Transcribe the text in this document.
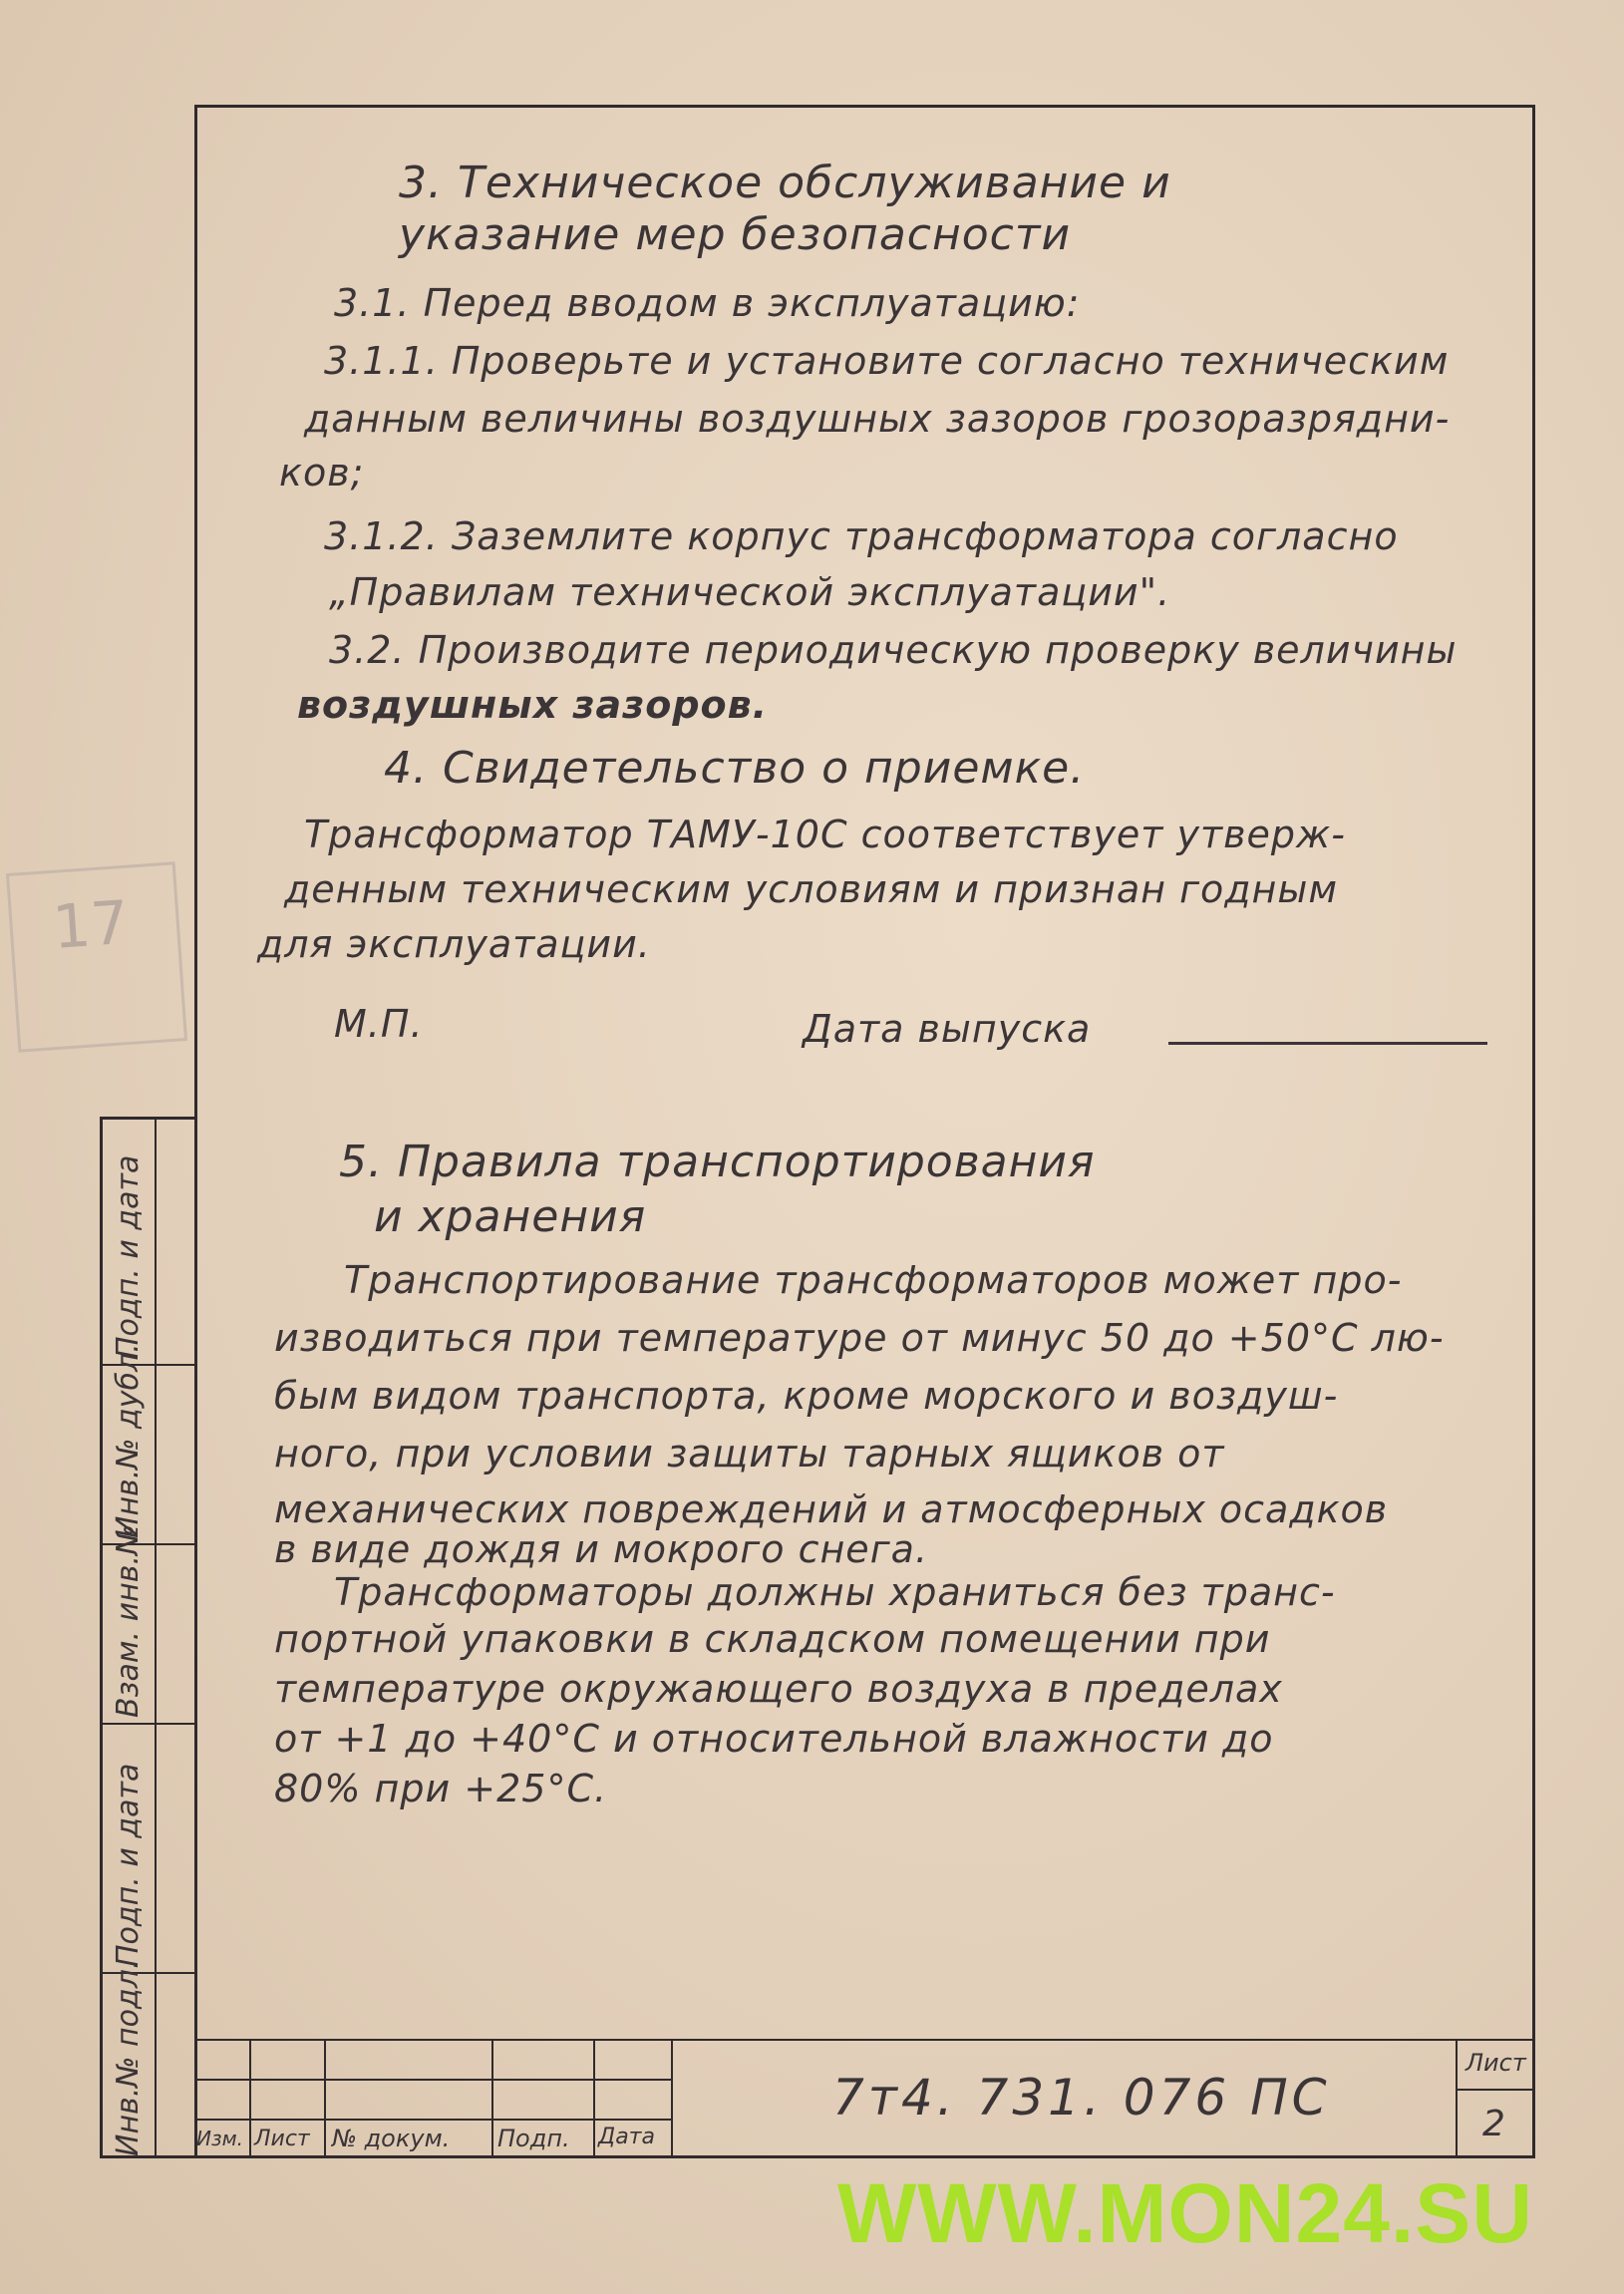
17
3. Техническое обслуживание и
указание мер безопасности
3.1. Перед вводом в эксплуатацию:
3.1.1. Проверьте и установите согласно техническим
данным величины воздушных зазоров грозоразрядни-
ков;
3.1.2. Заземлите корпус трансформатора согласно
„Правилам технической эксплуатации".
3.2. Производите периодическую проверку величины
воздушных зазоров.
4. Свидетельство о приемке.
Трансформатор ТАМУ-10С соответствует утверж-
денным техническим условиям и признан годным
для эксплуатации.
М.П.	Дата выпуска
5. Правила транспортирования
и хранения
Транспортирование трансформаторов может про-
изводиться при температуре от минус 50 до +50°С лю-
бым видом транспорта, кроме морского и воздуш-
ного, при условии защиты тарных ящиков от
механических повреждений и атмосферных осадков
в виде дождя и мокрого снега.
Трансформаторы должны храниться без транс-
портной упаковки в складском помещении при
температуре окружающего воздуха в пределах
от +1 до +40°С и относительной влажности до
80% при +25°С.
Подп. и дата
Инв.№ дубл.
Взам. инв.№
Подп. и дата
Инв.№ подл.	Изм. Лист № докум. Подп. Дата
7т4. 731. 076 ПС
Лист
2
WWW.MON24.SU
